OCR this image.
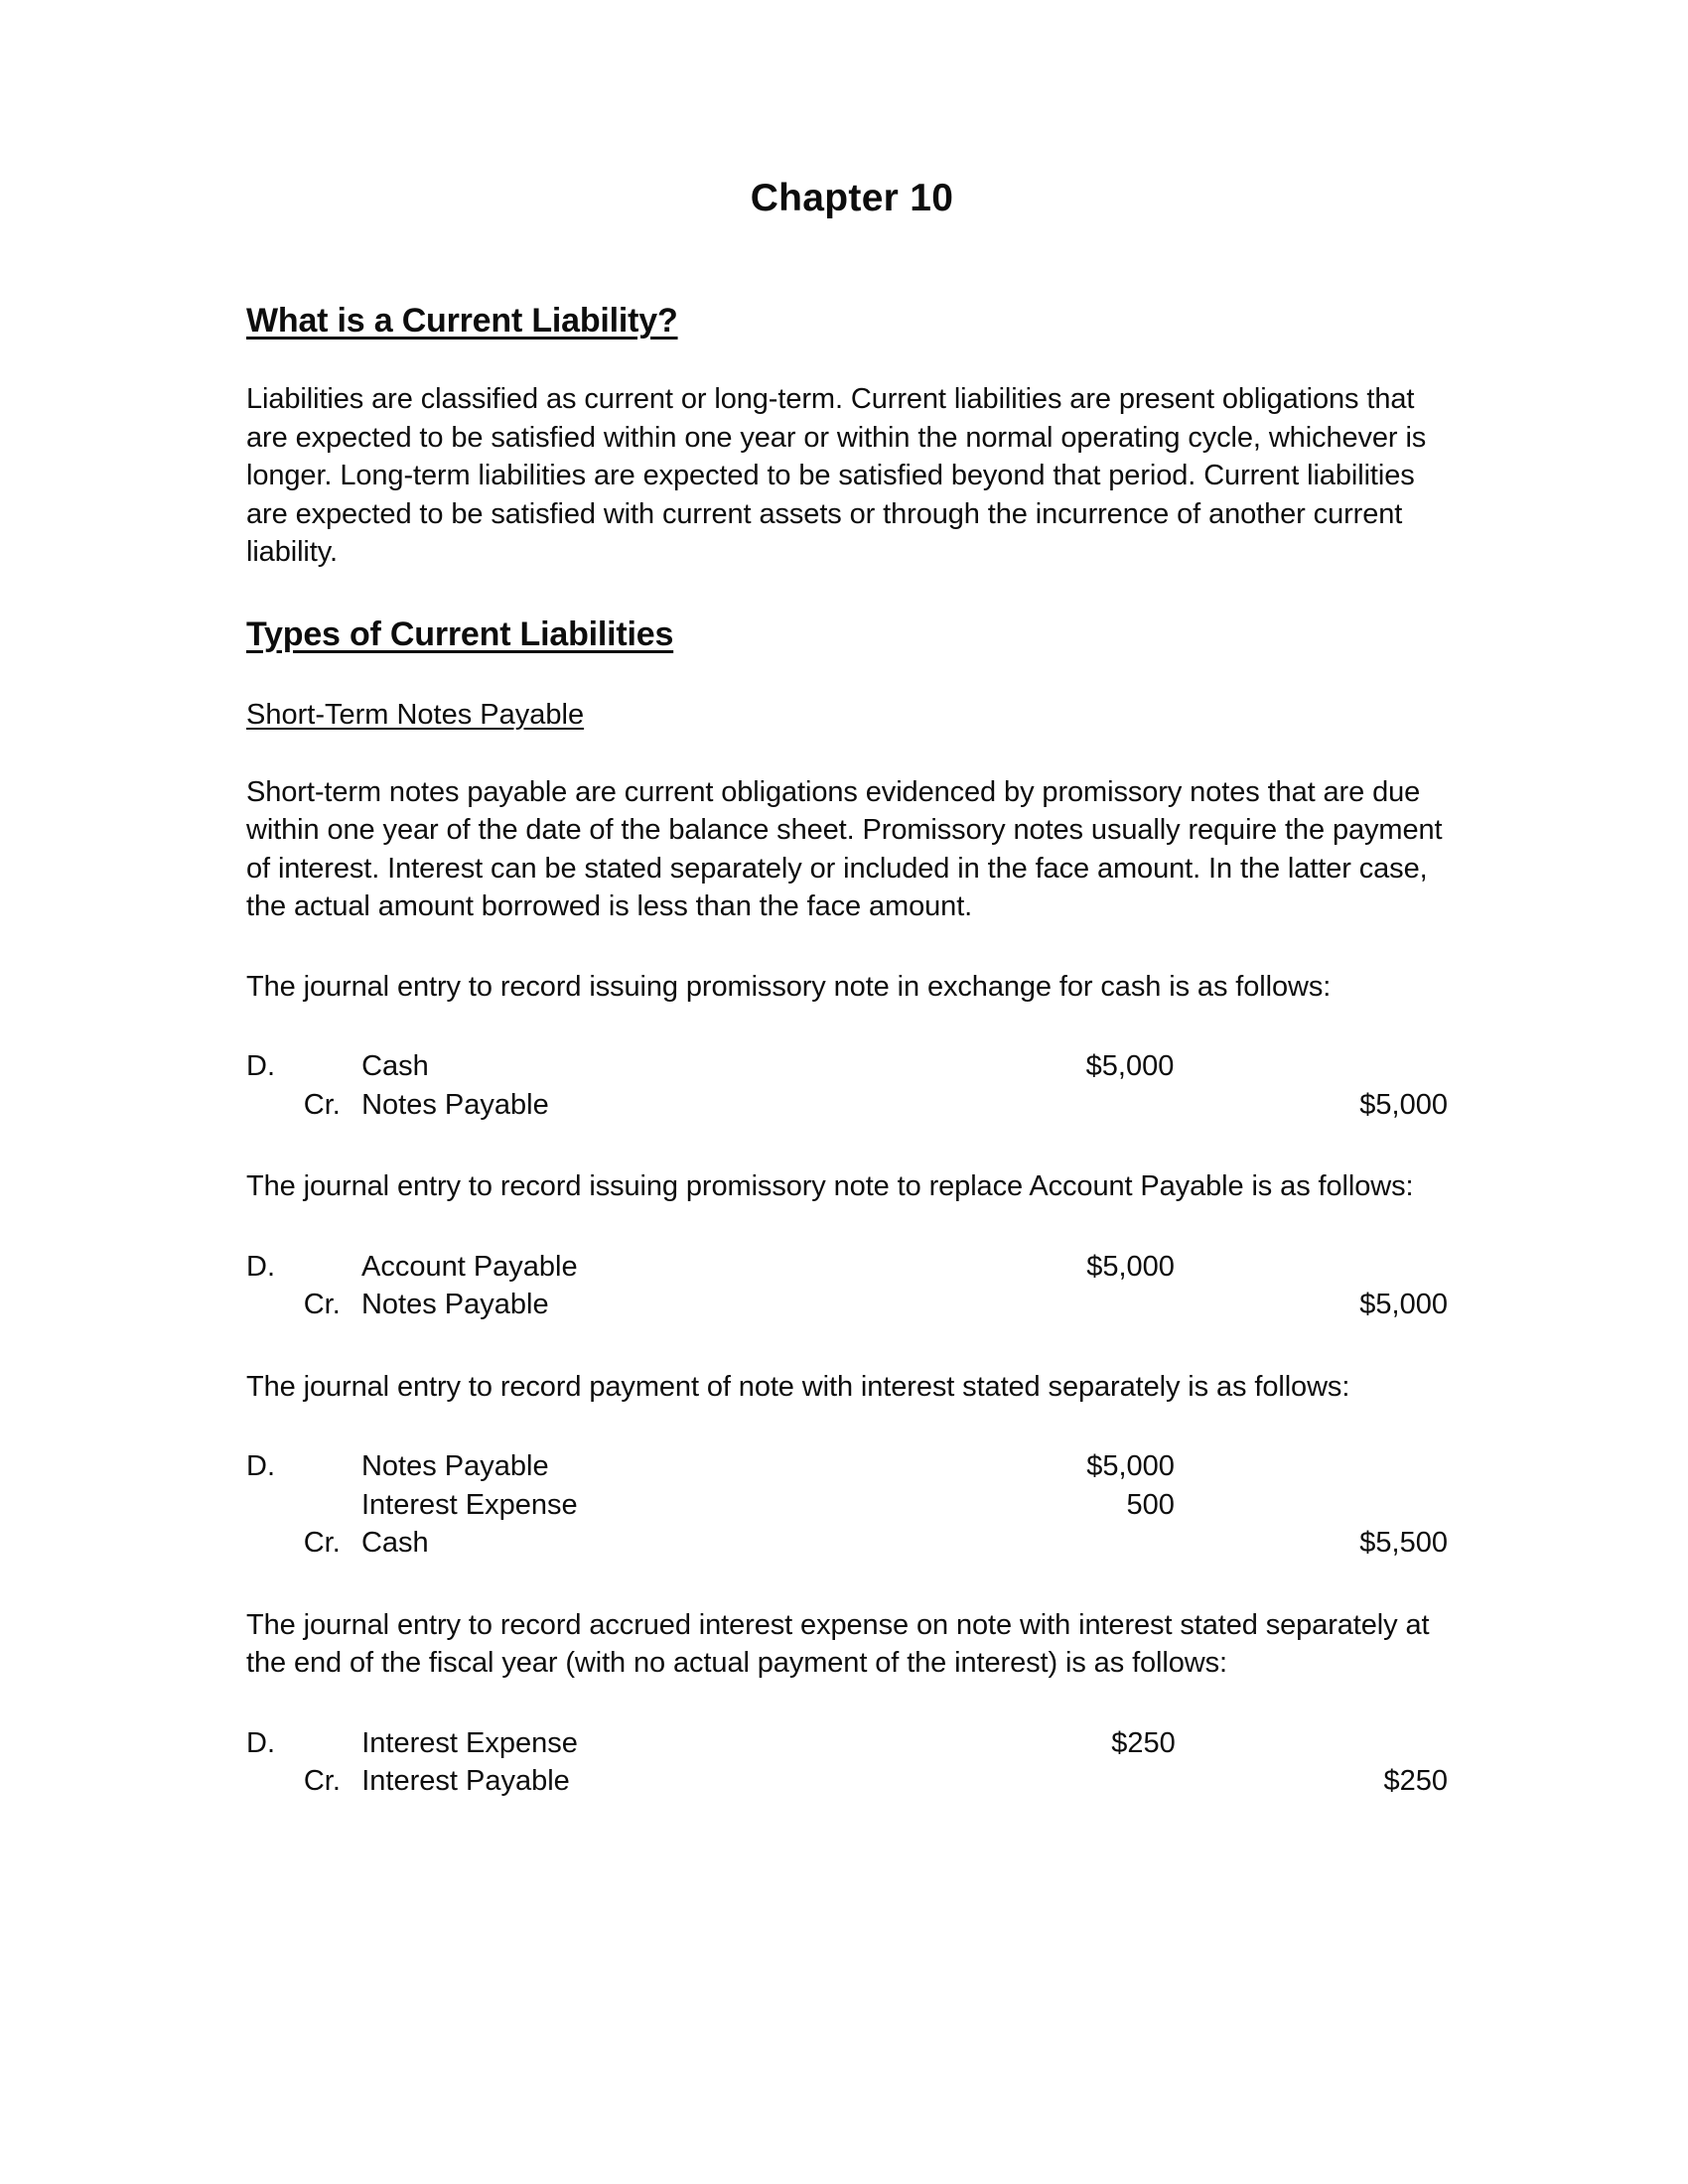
Chapter 10
What is a Current Liability?

Liabilities are classified as current or long-term. Current liabilities are present obligations that are expected to be satisfied within one year or within the normal operating cycle, whichever is longer. Long-term liabilities are expected to be satisfied beyond that period. Current liabilities are expected to be satisfied with current assets or through the incurrence of another current liability.

Types of Current Liabilities
Short-Term Notes Payable

Short-term notes payable are current obligations evidenced by promissory notes that are due within one year of the date of the balance sheet. Promissory notes usually require the payment of interest. Interest can be stated separately or included in the face amount. In the latter case, the actual amount borrowed is less than the face amount.

The journal entry to record issuing promissory note in exchange for cash is as follows:

D.		Cash	$5,000	
	Cr.	Notes Payable		$5,000

The journal entry to record issuing promissory note to replace Account Payable is as follows:

D.		Account Payable	$5,000	
	Cr.	Notes Payable		$5,000

The journal entry to record payment of note with interest stated separately is as follows:

D.		Notes Payable	$5,000	
		Interest Expense	500	
	Cr.	Cash		$5,500

The journal entry to record accrued interest expense on note with interest stated separately at the end of the fiscal year (with no actual payment of the interest) is as follows:

D.		Interest Expense	$250	
	Cr.	Interest Payable		$250
